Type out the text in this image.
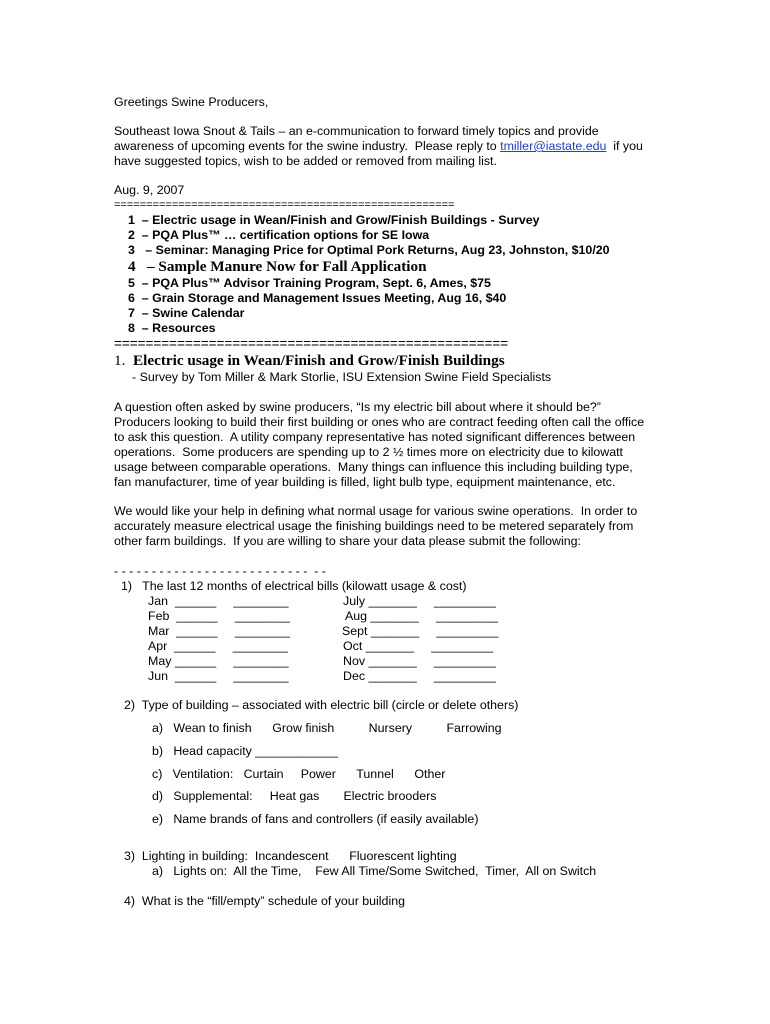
Greetings Swine Producers,
Southeast Iowa Snout & Tails – an e-communication to forward timely topics and provide
awareness of upcoming events for the swine industry.  Please reply to tmiller@iastate.edu  if you
have suggested topics, wish to be added or removed from mailing list.
Aug. 9, 2007
=====================================================
1 – Electric usage in Wean/Finish and Grow/Finish Buildings - Survey
2 – PQA Plus™ … certification options for SE Iowa
3   – Seminar: Managing Price for Optimal Pork Returns, Aug 23, Johnston, $10/20
4 – Sample Manure Now for Fall Application
5 – PQA Plus™ Advisor Training Program, Sept. 6, Ames, $75
6 – Grain Storage and Management Issues Meeting, Aug 16, $40
7 – Swine Calendar
8 – Resources
==================================================
1. Electric usage in Wean/Finish and Grow/Finish Buildings
- Survey by Tom Miller & Mark Storlie, ISU Extension Swine Field Specialists
A question often asked by swine producers, “Is my electric bill about where it should be?”
Producers looking to build their first building or ones who are contract feeding often call the office
to ask this question.  A utility company representative has noted significant differences between
operations.  Some producers are spending up to 2 ½ times more on electricity due to kilowatt
usage between comparable operations.  Many things can influence this including building type,
fan manufacturer, time of year building is filled, light bulb type, equipment maintenance, etc.
We would like your help in defining what normal usage for various swine operations.  In order to
accurately measure electrical usage the finishing buildings need to be metered separately from
other farm buildings.  If you are willing to share your data please submit the following:
- - - - - - - - - - - - - - - - - - - - - - - - - -  - -
1)   The last 12 months of electrical bills (kilowatt usage & cost)
Jan  ______     ________
Feb  ______     ________
Mar  ______     ________
Apr  ______     ________
May ______     ________
Jun  ______     ________
July _______     _________
Aug _______     _________
Sept _______     _________
Oct _______     _________
Nov _______     _________
Dec _______     _________
2)  Type of building – associated with electric bill (circle or delete others)
a)   Wean to finish      Grow finish          Nursery          Farrowing
b)   Head capacity ____________
c)   Ventilation:   Curtain     Power      Tunnel      Other
d)   Supplemental:     Heat gas       Electric brooders
e)   Name brands of fans and controllers (if easily available)
3)  Lighting in building:  Incandescent      Fluorescent lighting
a)   Lights on:  All the Time,    Few All Time/Some Switched,  Timer,  All on Switch
4)  What is the “fill/empty” schedule of your building
